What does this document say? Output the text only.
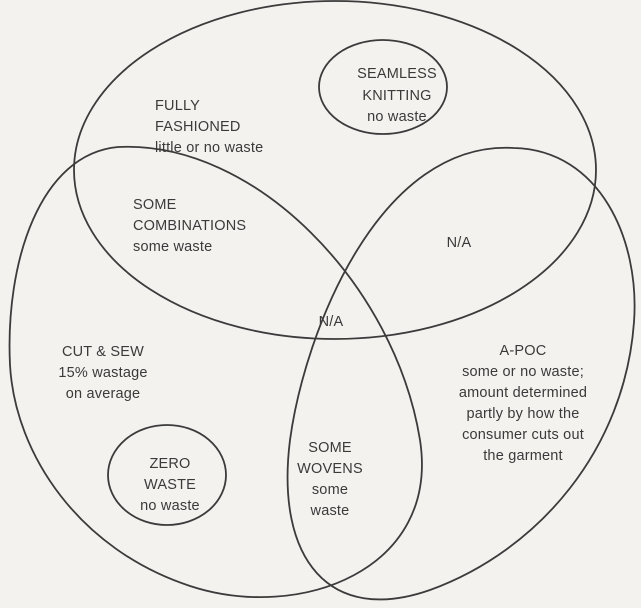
FULLY
FASHIONED
little or no waste
SEAMLESS
KNITTING
no waste
SOME
COMBINATIONS
some waste	N/A
N/A
CUT & SEW
15% wastage
on average
A-POC
some or no waste;
amount determined
partly by how the
consumer cuts out
the garment
ZERO
WASTE
no waste
SOME
WOVENS
some
waste
